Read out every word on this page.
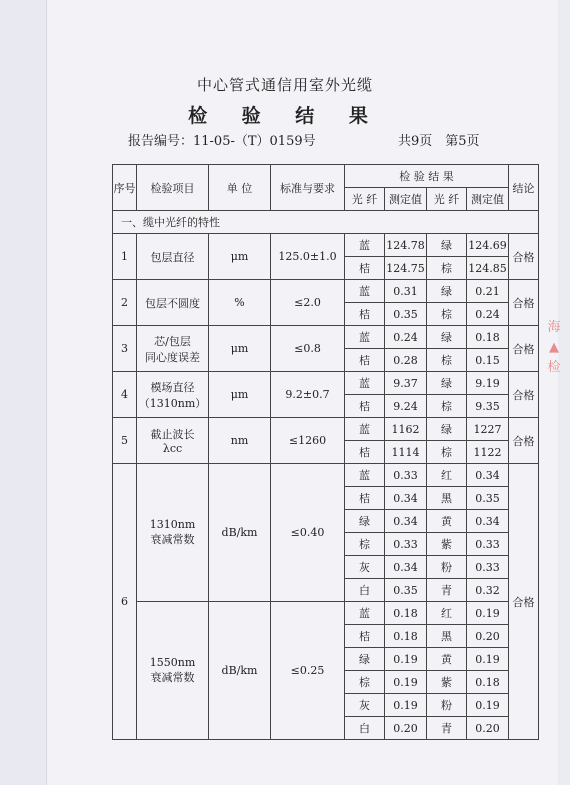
中心管式通信用室外光缆
检 验 结 果
报告编号：11-05-（T）0159号	共9页　第5页
海 ▲ 检
序号	检验项目	单 位	标准与要求	检 验 结 果				结论
				光 纤	测定值	光 纤	测定值	
一、缆中光纤的特性								
1	包层直径	μm	125.0±1.0	蓝	124.78	绿	124.69	合格
				桔	124.75	棕	124.85	
2	包层不圆度	%	≤2.0	蓝	0.31	绿	0.21	合格
				桔	0.35	棕	0.24	
3	芯/包层
同心度误差	μm	≤0.8	蓝	0.24	绿	0.18	合格
				桔	0.28	棕	0.15	
4	模场直径
（1310nm）	μm	9.2±0.7	蓝	9.37	绿	9.19	合格
				桔	9.24	棕	9.35	
5	截止波长
λcc	nm	≤1260	蓝	1162	绿	1227	合格
				桔	1114	棕	1122	
6	1310nm
衰减常数	dB/km	≤0.40	蓝	0.33	红	0.34	合格
				桔	0.34	黑	0.35	
				绿	0.34	黄	0.34	
				棕	0.33	紫	0.33	
				灰	0.34	粉	0.33	
				白	0.35	青	0.32	
	1550nm
衰减常数	dB/km	≤0.25	蓝	0.18	红	0.19	
				桔	0.18	黑	0.20	
				绿	0.19	黄	0.19	
				棕	0.19	紫	0.18	
				灰	0.19	粉	0.19	
				白	0.20	青	0.20	
